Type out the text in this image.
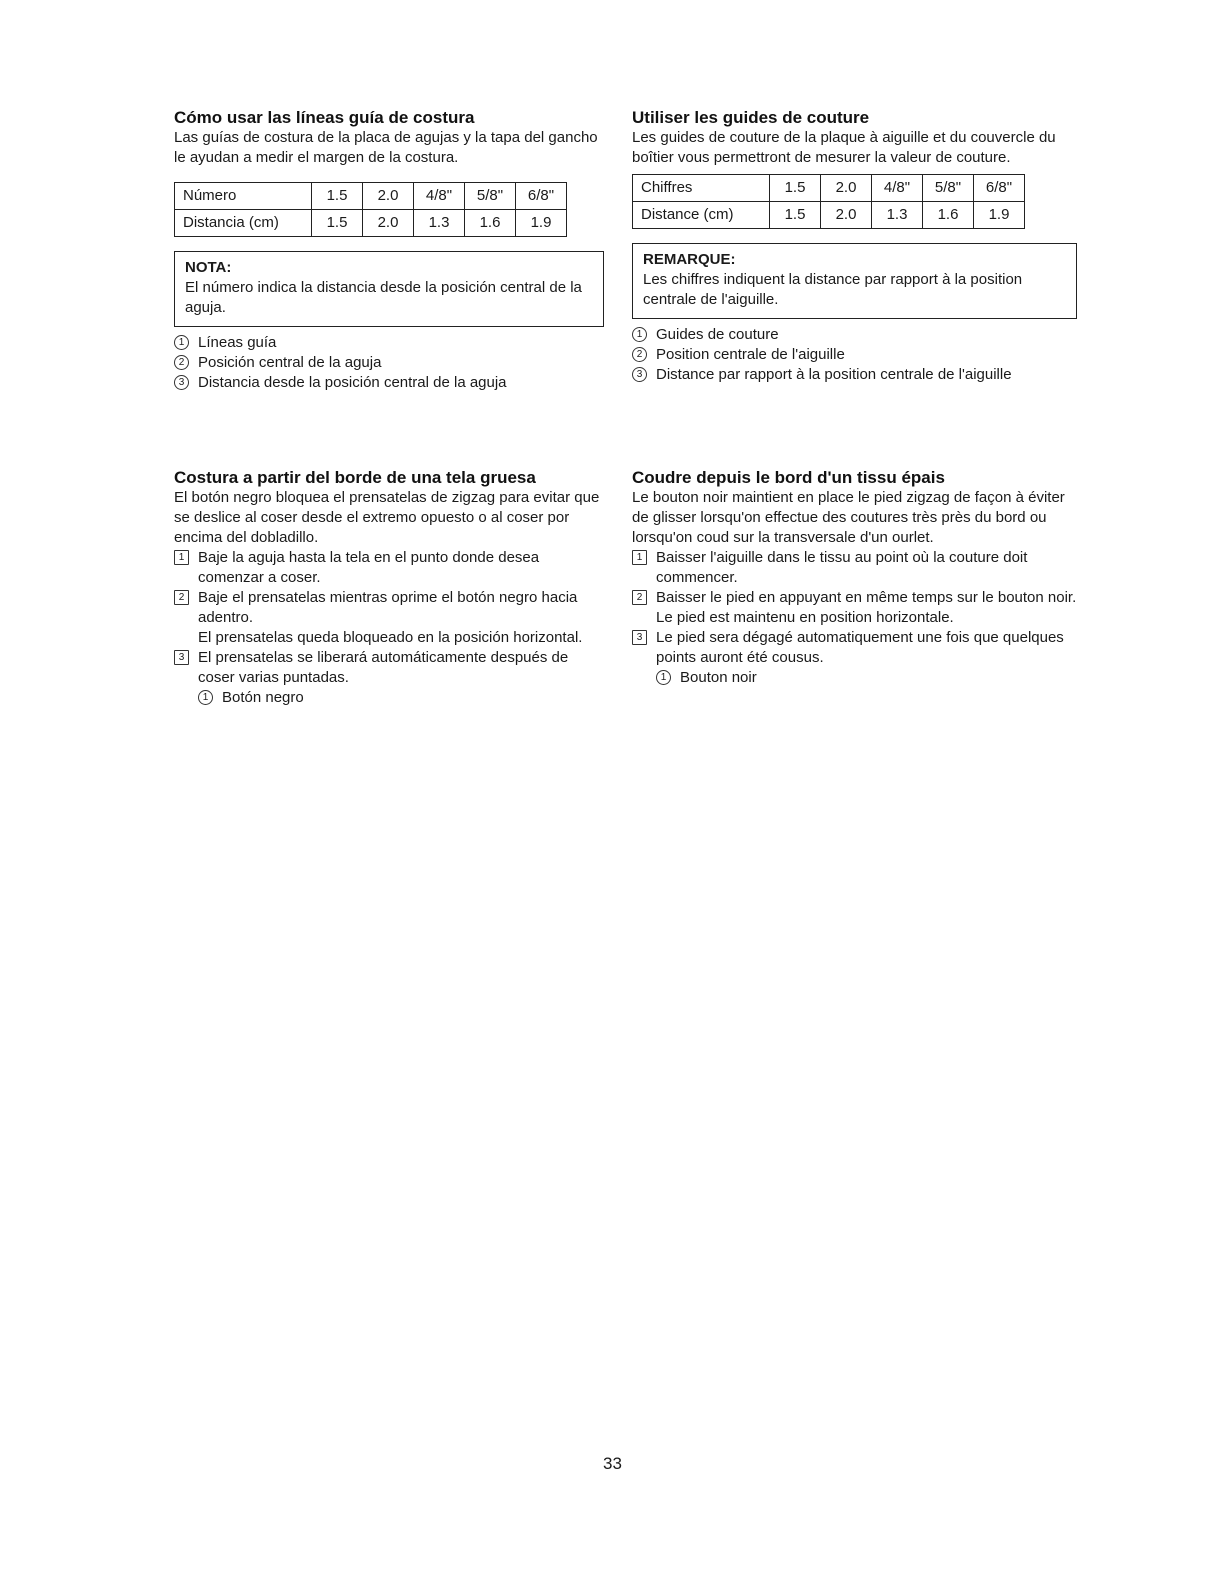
Cómo usar las líneas guía de costura

Las guías de costura de la placa de agujas y la tapa del gancho le ayudan a medir el margen de la costura.

Número	1.5	2.0	4/8"	5/8"	6/8"
Distancia (cm)	1.5	2.0	1.3	1.6	1.9
NOTA:
El número indica la distancia desde la posición central de la aguja.
1 Líneas guía
2 Posición central de la aguja
3 Distancia desde la posición central de la aguja
Utiliser les guides de couture

Les guides de couture de la plaque à aiguille et du couvercle du boîtier vous permettront de mesurer la valeur de couture.

Chiffres	1.5	2.0	4/8"	5/8"	6/8"
Distance (cm)	1.5	2.0	1.3	1.6	1.9
REMARQUE:
Les chiffres indiquent la distance par rapport à la position centrale de l'aiguille.
1 Guides de couture
2 Position centrale de l'aiguille
3 Distance par rapport à la position centrale de l'aiguille
Costura a partir del borde de una tela gruesa

El botón negro bloquea el prensatelas de zigzag para evitar que se deslice al coser desde el extremo opuesto o al coser por encima del dobladillo.

1 Baje la aguja hasta la tela en el punto donde desea comenzar a coser.
2 Baje el prensatelas mientras oprime el botón negro hacia adentro.
El prensatelas queda bloqueado en la posición horizontal.
3 El prensatelas se liberará automáticamente después de coser varias puntadas.
1 Botón negro
Coudre depuis le bord d'un tissu épais

Le bouton noir maintient en place le pied zigzag de façon à éviter de glisser lorsqu'on effectue des coutures très près du bord ou lorsqu'on coud sur la transversale d'un ourlet.

1 Baisser l'aiguille dans le tissu au point où la couture doit commencer.
2 Baisser le pied en appuyant en même temps sur le bouton noir.
Le pied est maintenu en position horizontale.
3 Le pied sera dégagé automatiquement une fois que quelques points auront été cousus.
1 Bouton noir
33
